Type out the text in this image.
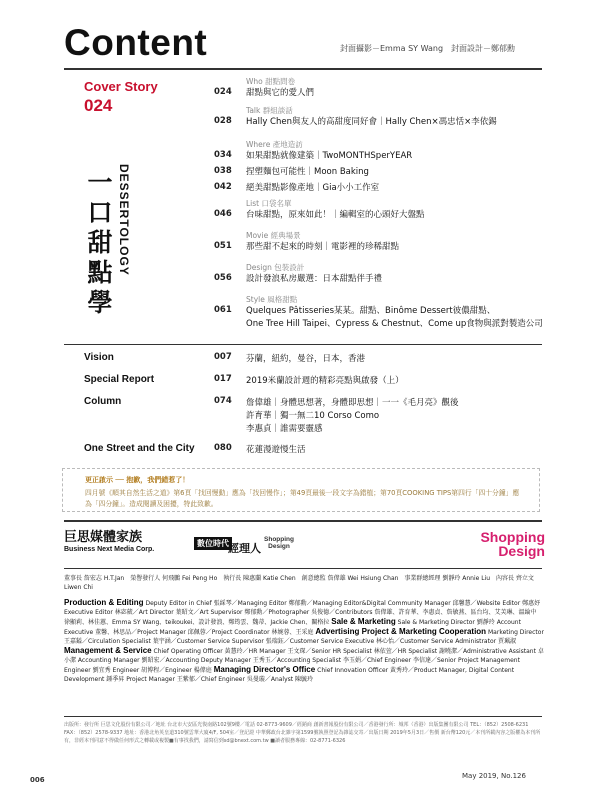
Content	封面攝影－Emma SY Wang　封面設計－鄭郁勳
Cover Story
024
一口甜點學
DESSERTOLOGY
Who 甜點問卷
024 甜點與它的愛人們
Talk 群組談話
028 Hally Chen與友人的高甜度同好會｜Hally Chen×馮忠恬×李依錫
Where 產地造訪
034 如果甜點就像建築｜TwoMONTHSperYEAR
038 捏塑麵包可能性｜Moon Baking
042 絕美甜點影像產地｜Gia小小工作室
List 口袋名單
046 台味甜點，原來如此！｜編輯室的心頭好大盤點
Movie 經典場景
051 那些甜不起來的時刻｜電影裡的珍稀甜點
Design 包裝設計
056 設計發浪私房嚴選：日本甜點伴手禮
Style 風格甜點
061 Quelques Pâtisseries某某。甜點、Binôme Dessert彼儂甜點、
One Tree Hill Taipei、Cypress & Chestnut、Come up食物與派對製造公司
Vision	007 芬蘭，紐約，曼谷，日本，香港
Special Report	017 2019米蘭設計週的精彩亮點與啟發（上）
Column	074 詹偉雄｜身體思想著，身體即思想｜一一《毛月亮》觀後
許育華｜獨一無二10 Corso Como
李惠貞｜誰需要靈感
One Street and the City 080 花蓮漫遊慢生活
更正啟示 ── 抱歉，我們錯惹了！
四月號《順其自然生活之道》第6頁「找回慢動」應為「找回慢作」；第49頁最後一段文字為錯植；第70頁COOKING TIPS第四行「四十分鐘」應為「四分鐘」。造成閱讀及困擾，特此致歉。
巨思媒體家族
Business Next Media Corp.
數位時代 經理人
Shopping Design
Shopping Design
董事長 詹宏志 H.T.Jan　榮譽發行人 何飛鵬 Fei Peng Ho　執行長 陳惠蘭 Katie Chen　創意總監 詹偉雄 Wei Hsiung Chan　事業群總經理 劉靜玲 Annie Liu　內容長 齊立文 Liwen Chi
Production & Editing Deputy Editor in Chief 張綵琴／Managing Editor 鄭郁勳／Managing Editor&Digital Community Manager 邱馨慧／Website Editor 鄭惠妤 Executive Editor 林宓葳／Art Director 葉昭文／Art Supervisor 鄭郁勳／Photographer 吳俊德／Contributors 詹偉雄、許育華、李惠貞、詹敏燕、區台均、艾芙琳、溫綸中 徐顯莉、林佳蕙、Emma SY Wang、teikoukei、設計發浪、鄭筠雲、魏蒂、Jackie Chen、關格拉 Sale & Marketing Sale & Marketing Director 劉靜玲 Account Executive 董馨、林思品／Project Manager 邱佩蓉／Project Coordinator 林婉蓉、王采庭 Advertising Project & Marketing Cooperation Marketing Director 王嘉鎰／Circulation Specialist 葉宇涵／Customer Service Supervisor 張瑞鈺／Customer Service Executive 林心怡／Customer Service Administrator 賈珮淑 Management & Service Chief Operating Officer 黃慧玲／HR Manager 王文琛／Senior HR Specialist 林依萱／HR Specialist 謝曉潔／Administrative Assistant 卓小潔 Accounting Manager 劉昭宏／Accounting Deputy Manager 王秀玉／Accounting Specialist 李玉娟／Chief Engineer 李信達／Senior Project Management Engineer 劉宜秀 Engineer 胡博程／Engineer 楊偉庭 Managing Director's Office Chief Innovation Officer 黃秀玲／Product Manager, Digital Content Development 鍾季昇 Project Manager 王紫郁／Chief Engineer 吳曼璇／Analyst 陳毓玲
出版所：發行所 巨思文化股份有限公司／地址 台北市大安區光復南路102號9樓／電話 02-8773-9609／經銷商 創新書報股份有限公司／香港發行所：城邦（香港）出版集團有限公司 TEL：（852）2508-6231 FAX：（852）2578-9337 地址：香港北角英皇道310號雲華大廈4/F, 504室／登記證 中華郵政台北雜字第1599號執照登記為雜誌交寄／出版日期 2019年5月3日／售價 新台幣120元／本刊所載內容之版權為本刊所有，非經本刊同意不得做任何形式之轉載或複製■有事找我們，請寫信到sd@bnext.com.tw ■讀者服務專線：02-8771-6326
May 2019, No.126
006
